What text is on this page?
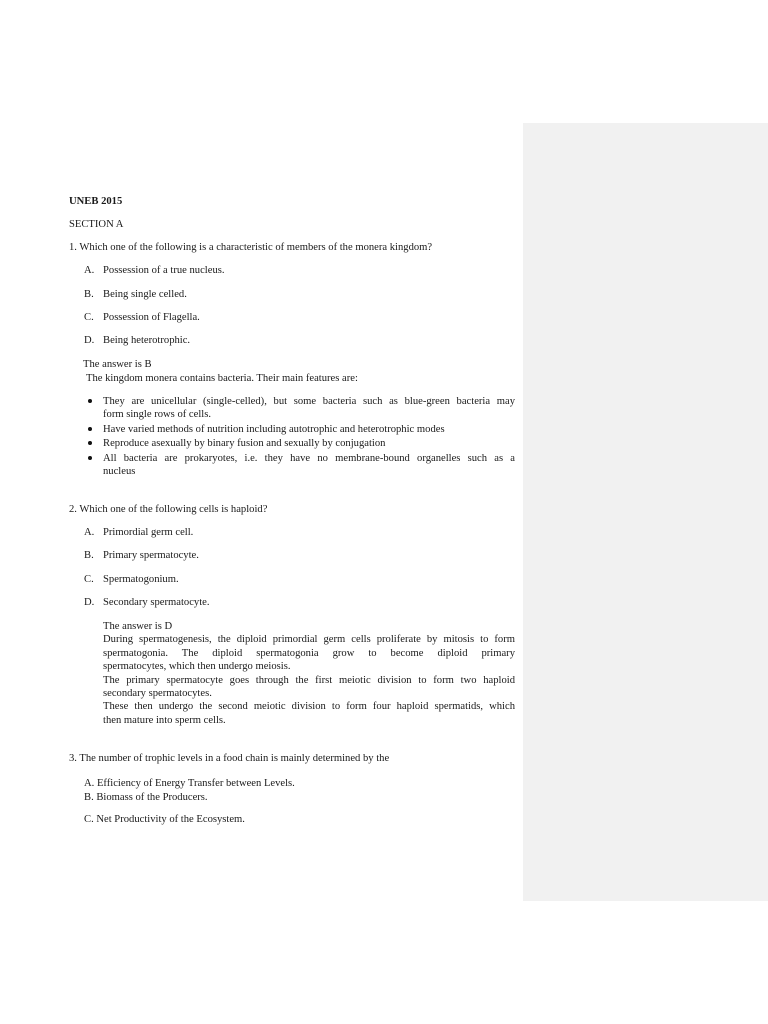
UNEB 2015
SECTION A
1. Which one of the following is a characteristic of members of the monera kingdom?
A. Possession of a true nucleus.
B. Being single celled.
C. Possession of Flagella.
D. Being heterotrophic.
The answer is B
The kingdom monera contains bacteria. Their main features are:
They are unicellular (single-celled), but some bacteria such as blue-green bacteria may
form single rows of cells.
Have varied methods of nutrition including autotrophic and heterotrophic modes
Reproduce asexually by binary fusion and sexually by conjugation
All bacteria are prokaryotes, i.e. they have no membrane-bound organelles such as a
nucleus
2. Which one of the following cells is haploid?
A. Primordial germ cell.
B. Primary spermatocyte.
C. Spermatogonium.
D. Secondary spermatocyte.
The answer is D
During spermatogenesis, the diploid primordial germ cells proliferate by mitosis to form
spermatogonia. The diploid spermatogonia grow to become diploid primary
spermatocytes, which then undergo meiosis.
The primary spermatocyte goes through the first meiotic division to form two haploid
secondary spermatocytes.
These then undergo the second meiotic division to form four haploid spermatids, which
then mature into sperm cells.
3. The number of trophic levels in a food chain is mainly determined by the
A. Efficiency of Energy Transfer between Levels.
B. Biomass of the Producers.
C. Net Productivity of the Ecosystem.
